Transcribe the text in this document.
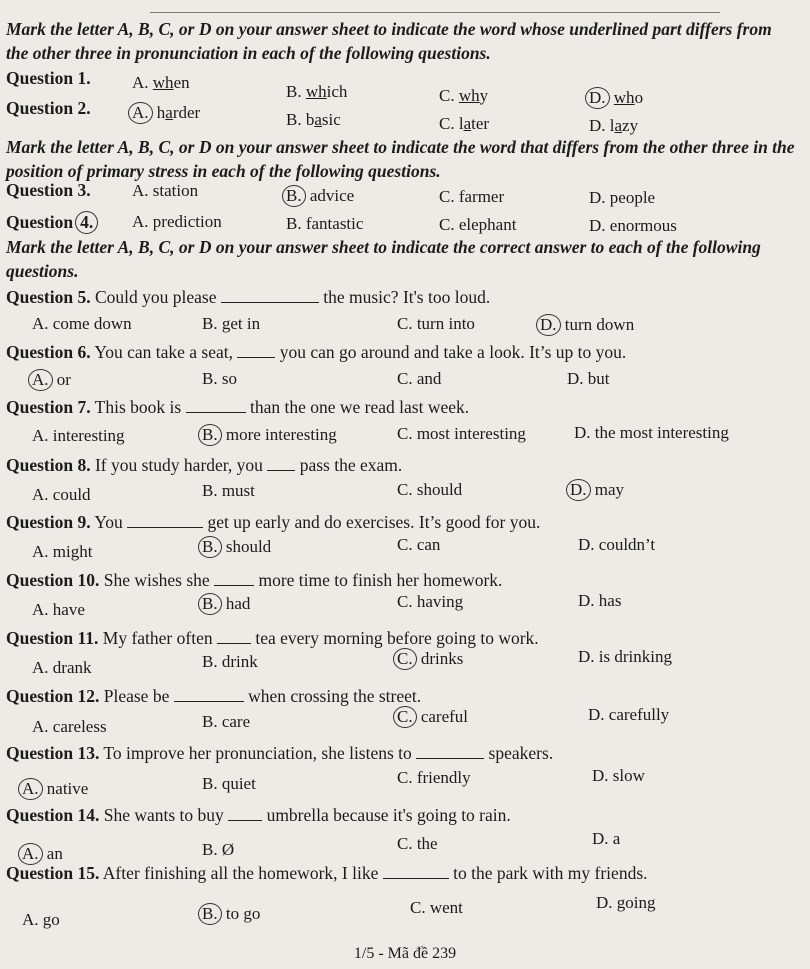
Mark the letter A, B, C, or D on your answer sheet to indicate the word whose underlined part differs from the other three in pronunciation in each of the following questions.
Question 1. A. when	B. which	C. why	D. who
Question 2. A. harder	B. basic	C. later	D. lazy
Mark the letter A, B, C, or D on your answer sheet to indicate the word that differs from the other three in the position of primary stress in each of the following questions.
Question 3. A. station	B. advice	C. farmer	D. people
Question 4. A. prediction	B. fantastic	C. elephant	D. enormous
Mark the letter A, B, C, or D on your answer sheet to indicate the correct answer to each of the following questions.
Question 5. Could you please	the music? It's too loud.
A. come down	B. get in	C. turn into	D. turn down
Question 6. You can take a seat,	you can go around and take a look. It’s up to you.
A. or	B. so	C. and	D. but
Question 7. This book is	than the one we read last week.
A. interesting	B. more interesting	C. most interesting	D. the most interesting
Question 8. If you study harder, you pass the exam.
A. could	B. must	C. should	D. may
Question 9. You	get up early and do exercises. It’s good for you.
A. might	B. should	C. can	D. couldn’t
Question 10. She wishes she	more time to finish her homework.
A. have	B. had	C. having	D. has
Question 11. My father often tea every morning before going to work.
A. drank	B. drink	C. drinks	D. is drinking
Question 12. Please be	when crossing the street.
A. careless	B. care	C. careful	D. carefully
Question 13. To improve her pronunciation, she listens to	speakers.
A. native	B. quiet	C. friendly	D. slow
Question 14. She wants to buy umbrella because it's going to rain.
A. an	B. Ø	C. the	D. a
Question 15. After finishing all the homework, I like	to the park with my friends.
A. go	B. to go	C. went	D. going
1/5 - Mã đề 239
